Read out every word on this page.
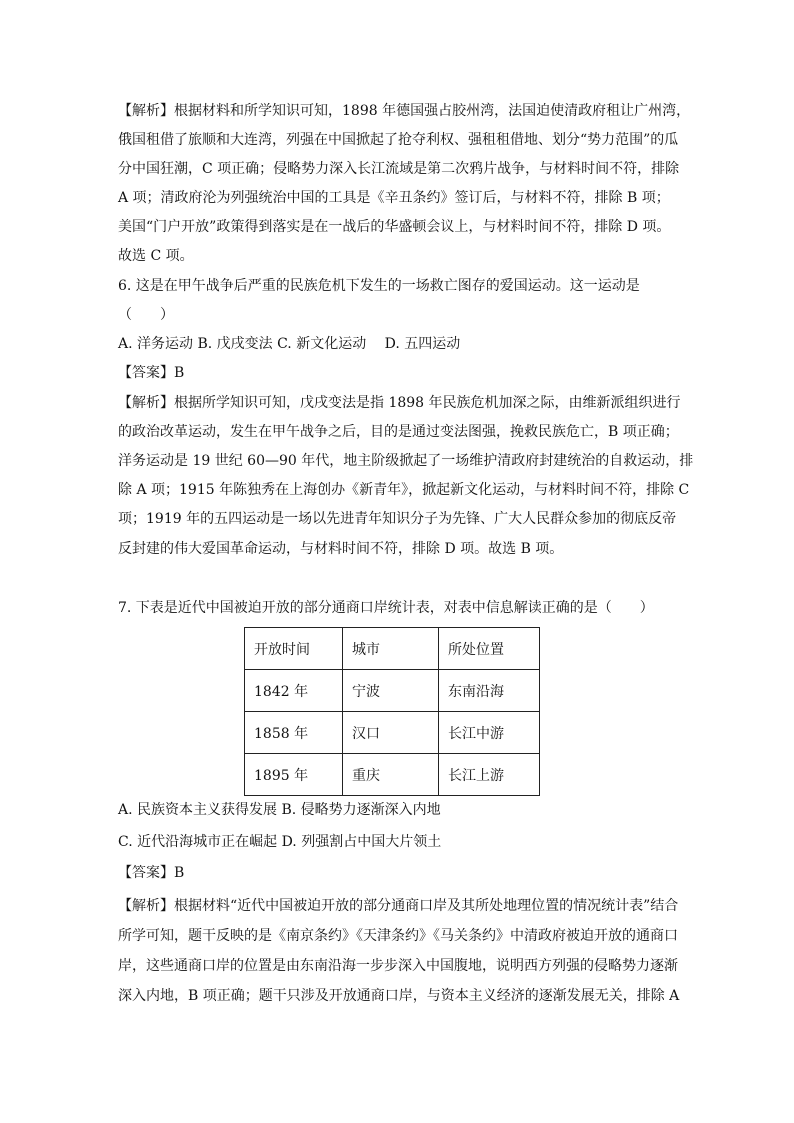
【解析】根据材料和所学知识可知，1898 年德国强占胶州湾，法国迫使清政府租让广州湾，
俄国租借了旅顺和大连湾，列强在中国掀起了抢夺利权、强租租借地、划分“势力范围”的瓜
分中国狂潮，C 项正确；侵略势力深入长江流域是第二次鸦片战争，与材料时间不符，排除
A 项；清政府沦为列强统治中国的工具是《辛丑条约》签订后，与材料不符，排除 B 项；
美国“门户开放”政策得到落实是在一战后的华盛顿会议上，与材料时间不符，排除 D 项。
故选 C 项。
6. 这是在甲午战争后严重的民族危机下发生的一场救亡图存的爱国运动。这一运动是
（　　）
A. 洋务运动 B. 戊戌变法 C. 新文化运动　 D. 五四运动
【答案】B
【解析】根据所学知识可知，戊戌变法是指 1898 年民族危机加深之际，由维新派组织进行
的政治改革运动，发生在甲午战争之后，目的是通过变法图强，挽救民族危亡，B 项正确；
洋务运动是 19 世纪 60—90 年代，地主阶级掀起了一场维护清政府封建统治的自救运动，排
除 A 项；1915 年陈独秀在上海创办《新青年》，掀起新文化运动，与材料时间不符，排除 C
项；1919 年的五四运动是一场以先进青年知识分子为先锋、广大人民群众参加的彻底反帝
反封建的伟大爱国革命运动，与材料时间不符，排除 D 项。故选 B 项。
7. 下表是近代中国被迫开放的部分通商口岸统计表，对表中信息解读正确的是（　　）
开放时间	城市	所处位置
1842 年	宁波	东南沿海
1858 年	汉口	长江中游
1895 年	重庆	长江上游
A. 民族资本主义获得发展 B. 侵略势力逐渐深入内地
C. 近代沿海城市正在崛起 D. 列强割占中国大片领土
【答案】B
【解析】根据材料“近代中国被迫开放的部分通商口岸及其所处地理位置的情况统计表”结合
所学可知，题干反映的是《南京条约》《天津条约》《马关条约》中清政府被迫开放的通商口
岸，这些通商口岸的位置是由东南沿海一步步深入中国腹地，说明西方列强的侵略势力逐渐
深入内地，B 项正确；题干只涉及开放通商口岸，与资本主义经济的逐渐发展无关，排除 A
